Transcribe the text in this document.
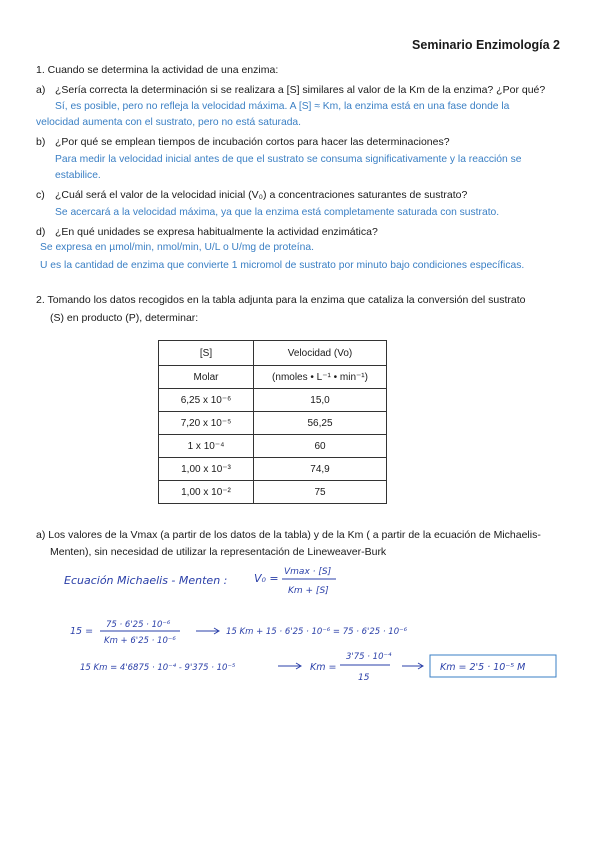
Seminario Enzimología 2
1. Cuando se determina la actividad de una enzima:
a) ¿Sería correcta la determinación si se realizara a [S] similares al valor de la Km de la enzima? ¿Por qué?
Sí, es posible, pero no refleja la velocidad máxima. A [S] ≈ Km, la enzima está en una fase donde la
velocidad aumenta con el sustrato, pero no está saturada.
b) ¿Por qué se emplean tiempos de incubación cortos para hacer las determinaciones?
Para medir la velocidad inicial antes de que el sustrato se consuma significativamente y la reacción se
estabilice.
c) ¿Cuál será el valor de la velocidad inicial (V₀) a concentraciones saturantes de sustrato?
Se acercará a la velocidad máxima, ya que la enzima está completamente saturada con sustrato.
d) ¿En qué unidades se expresa habitualmente la actividad enzimática?
Se expresa en µmol/min, nmol/min, U/L o U/mg de proteína.
U es la cantidad de enzima que convierte 1 micromol de sustrato por minuto bajo condiciones específicas.
2. Tomando los datos recogidos en la tabla adjunta para la enzima que cataliza la conversión del sustrato
(S) en producto (P), determinar:
[S]	Velocidad (Vo)
Molar	(nmoles • L⁻¹ • min⁻¹)
6,25 x 10⁻⁶	15,0
7,20 x 10⁻⁵	56,25
1 x 10⁻⁴	60
1,00 x 10⁻³	74,9
1,00 x 10⁻²	75
a) Los valores de la Vmax (a partir de los datos de la tabla) y de la Km ( a partir de la ecuación de Michaelis-
Menten), sin necesidad de utilizar la representación de Lineweaver-Burk
Ecuación Michaelis - Menten : V₀ = Vmax · [S]
Km + [S]
15 =
75 · 6'25 · 10⁻⁶
Km + 6'25 · 10⁻⁶
15 Km + 15 · 6'25 · 10⁻⁶ = 75 · 6'25 · 10⁻⁶
15 Km = 4'6875 · 10⁻⁴ - 9'375 · 10⁻⁵	Km =
3'75 · 10⁻⁴
15
Km = 2'5 · 10⁻⁵ M
